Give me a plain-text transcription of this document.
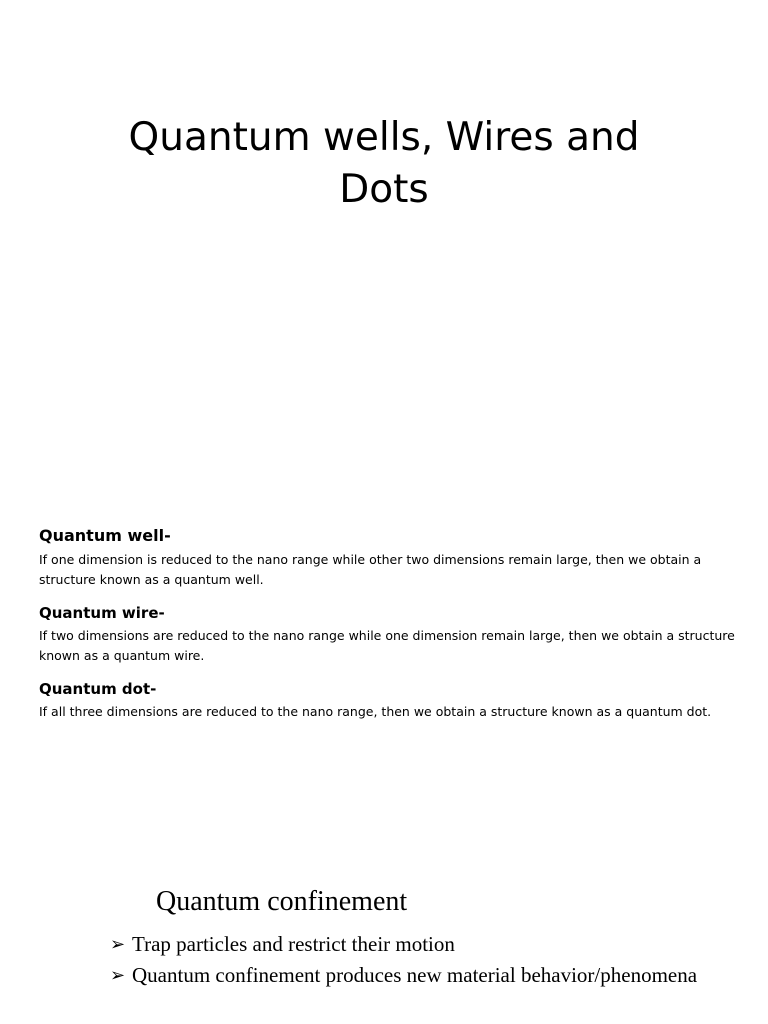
Quantum wells, Wires and Dots

Quantum well-

If one dimension is reduced to the nano range while other two dimensions remain large, then we obtain a structure known as a quantum well.

Quantum wire-

If two dimensions are reduced to the nano range while one dimension remain large, then we obtain a structure known as a quantum wire.

Quantum dot-

If all three dimensions are reduced to the nano range, then we obtain a structure known as a quantum dot.

Quantum confinement
➢ Trap particles and restrict their motion
➢ Quantum confinement produces new material behavior/phenomena
